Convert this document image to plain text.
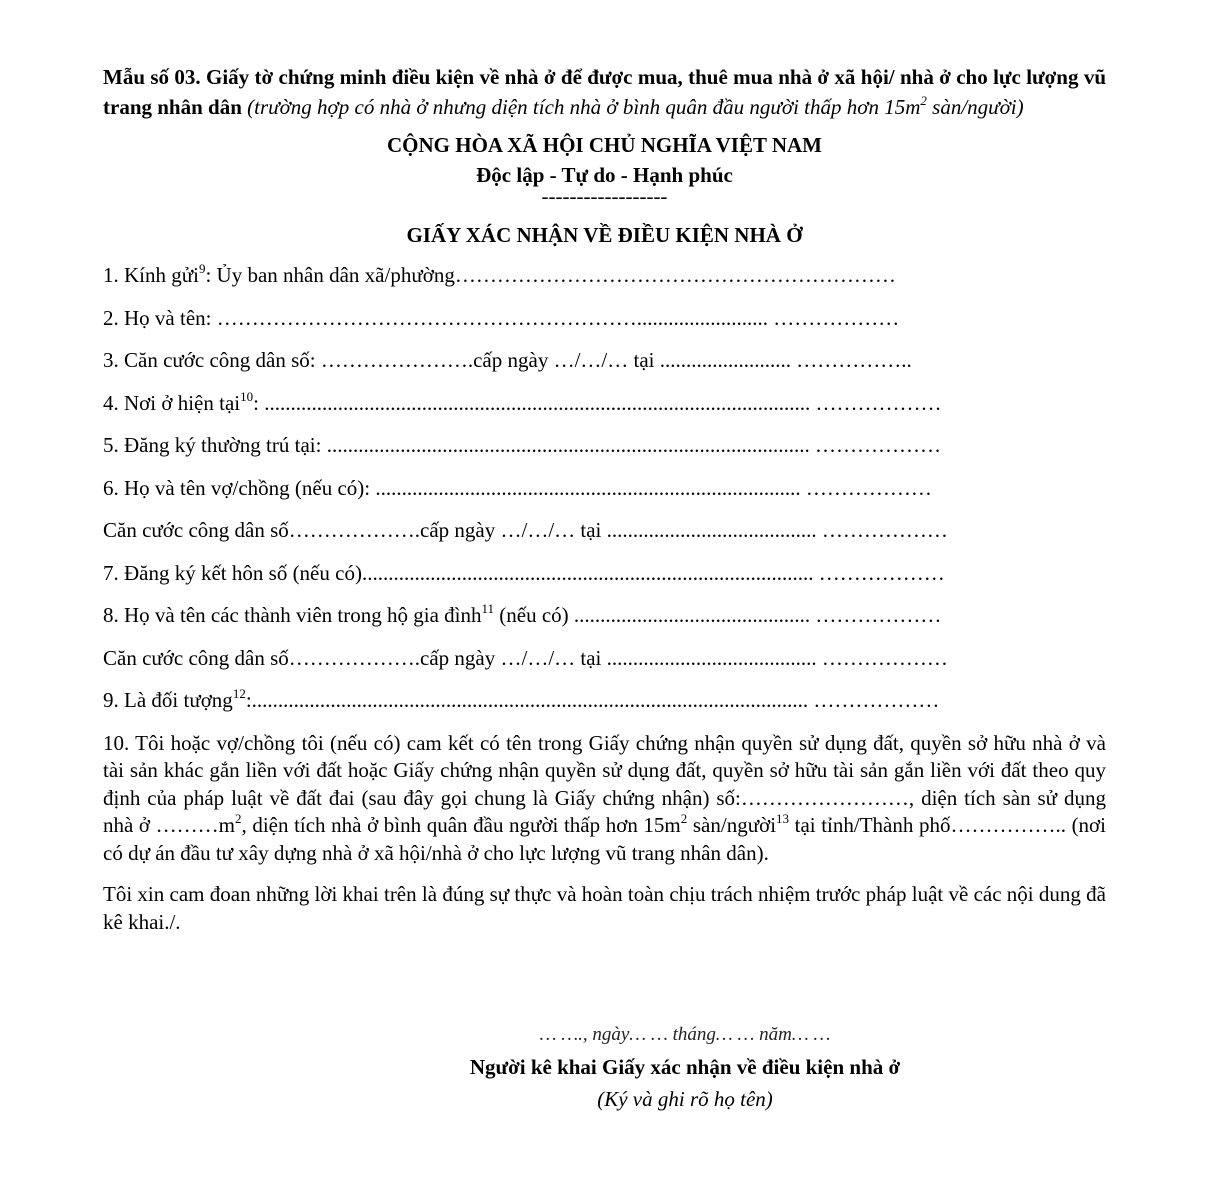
Mẫu số 03. Giấy tờ chứng minh điều kiện về nhà ở để được mua, thuê mua nhà ở xã hội/ nhà ở cho lực lượng vũ trang nhân dân (trường hợp có nhà ở nhưng diện tích nhà ở bình quân đầu người thấp hơn $15m^2$ sàn/người)
CỘNG HÒA XÃ HỘI CHỦ NGHĨA VIỆT NAM
Độc lập - Tự do - Hạnh phúc
------------------
GIẤY XÁC NHẬN VỀ ĐIỀU KIỆN NHÀ Ở
1. Kính gửi$^9$: Ủy ban nhân dân xã/phường………………………………………………………
2. Họ và tên: ……………………………………………………......................... ………………
3. Căn cước công dân số: ………………….cấp ngày …/…/… tại ......................... ……………..
4. Nơi ở hiện tại$^{10}$: ........................................................................................................ ………………
5. Đăng ký thường trú tại: ............................................................................................ ………………
6. Họ và tên vợ/chồng (nếu có): ................................................................................. ………………
Căn cước công dân số……………….cấp ngày …/…/… tại ........................................ ………………
7. Đăng ký kết hôn số (nếu có)...................................................................................... ………………
8. Họ và tên các thành viên trong hộ gia đình$^{11}$ (nếu có) ............................................. ………………
Căn cước công dân số……………….cấp ngày …/…/… tại ........................................ ………………
9. Là đối tượng$^{12}$:.......................................................................................................... ………………
10. Tôi hoặc vợ/chồng tôi (nếu có) cam kết có tên trong Giấy chứng nhận quyền sử dụng đất, quyền sở hữu nhà ở và tài sản khác gắn liền với đất hoặc Giấy chứng nhận quyền sử dụng đất, quyền sở hữu tài sản gắn liền với đất theo quy định của pháp luật về đất đai (sau đây gọi chung là Giấy chứng nhận) số:……………………, diện tích sàn sử dụng nhà ở $\dots\dots\dots m^2$, diện tích nhà ở bình quân đầu người thấp hơn $15m^2$ sàn/người$^{13}$ tại tỉnh/Thành phố…………….. (nơi có dự án đầu tư xây dựng nhà ở xã hội/nhà ở cho lực lượng vũ trang nhân dân).
Tôi xin cam đoan những lời khai trên là đúng sự thực và hoàn toàn chịu trách nhiệm trước pháp luật về các nội dung đã kê khai./.
… …., ngày… … tháng… … năm… …
Người kê khai Giấy xác nhận về điều kiện nhà ở
(Ký và ghi rõ họ tên)
